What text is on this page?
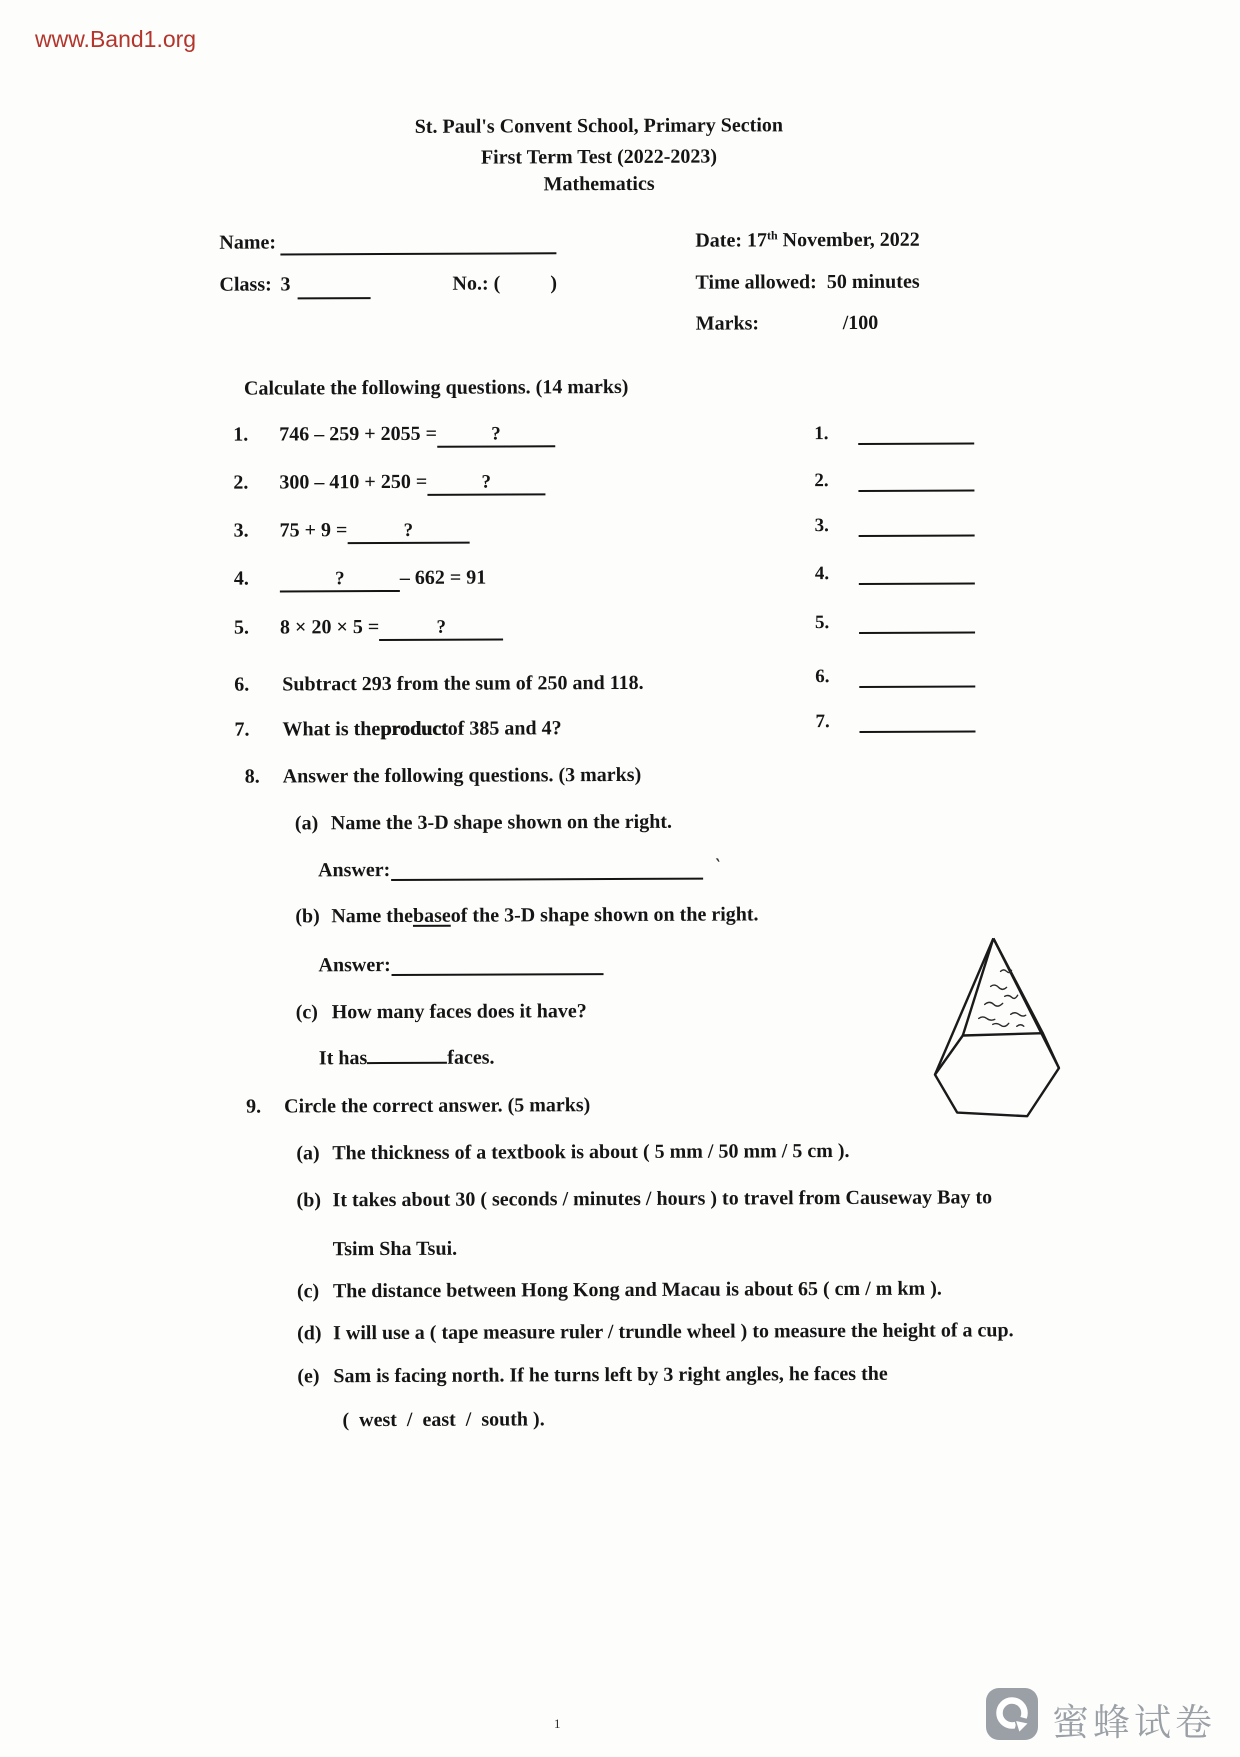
www.Band1.org
St. Paul's Convent School, Primary Section
First Term Test (2022-2023)
Mathematics
Name:	Date: 17th November, 2022
Class: 3	No.: (          )	Time allowed:  50 minutes
Marks:	/100
Calculate the following questions. (14 marks)
1.	746 – 259 + 2055 =	?
2.	300 – 410 + 250 =	?
3.	75 + 9 =	?
4.	?	– 662 = 91
5.	8 × 20 × 5 =	?
6.	Subtract 293 from the sum of 250 and 118.
7.	What is the product of 385 and 4?
1.
2.
3.
4.
5.
6.
7.
8.	Answer the following questions. (3 marks)
(a) Name the 3-D shape shown on the right.
Answer:	‵
(b) Name the base of the 3-D shape shown on the right.
Answer:
(c) How many faces does it have?
It has	faces.
9.	Circle the correct answer. (5 marks)
(a) The thickness of a textbook is about ( 5 mm / 50 mm / 5 cm ).
(b) It takes about 30 ( seconds / minutes / hours ) to travel from Causeway Bay to
Tsim Sha Tsui.
(c) The distance between Hong Kong and Macau is about 65 ( cm / m km ).
(d) I will use a ( tape measure ruler / trundle wheel ) to measure the height of a cup.
(e) Sam is facing north. If he turns left by 3 right angles, he faces the
(  west  /  east  /  south ).
蜜蜂试卷
1
